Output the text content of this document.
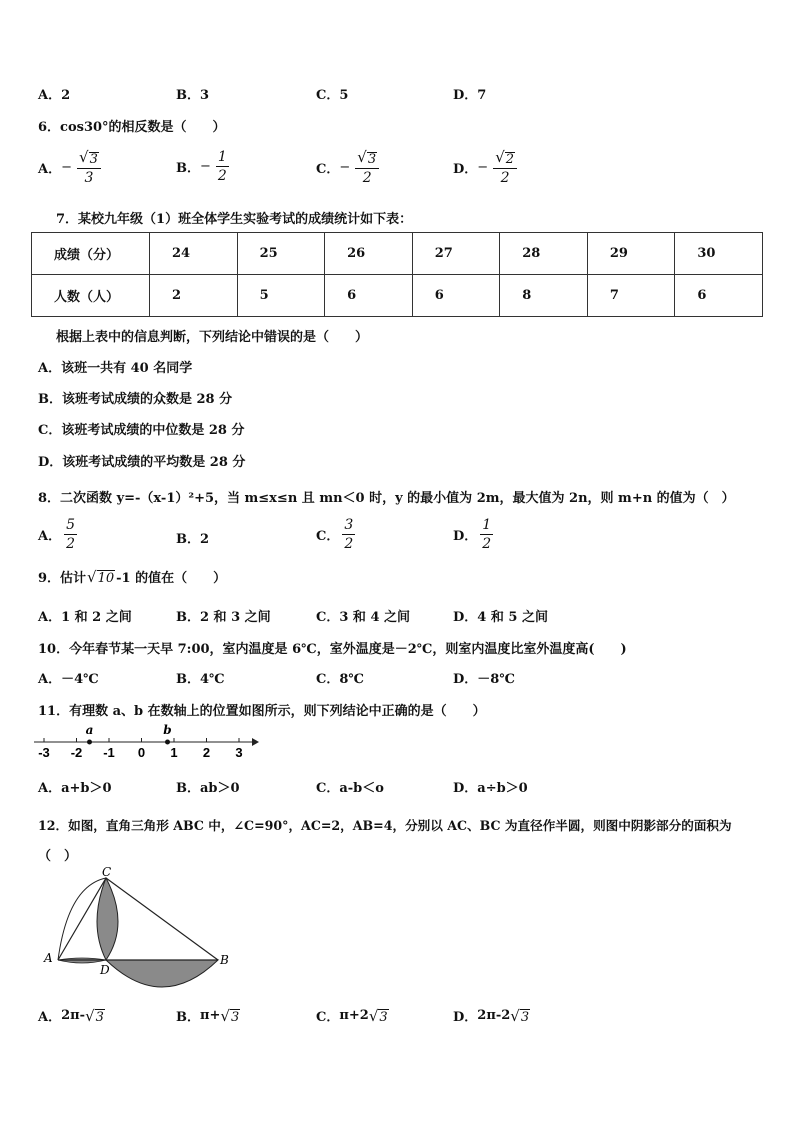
A．2	B．3	C．5	D．7
6．cos30°的相反数是（　　）
A． − $\frac{√ 3}{3}$	B． − $\frac{1}{2}$	C． − $\frac{√ 3}{2}$	D． − $\frac{√ 2}{2}$
7．某校九年级（1）班全体学生实验考试的成绩统计如下表：
成绩（分）	24	25	26	27	28	29	30
人数（人）	2	5	6	6	8	7	6
根据上表中的信息判断，下列结论中错误的是（　　）
A．该班一共有 40 名同学
B．该班考试成绩的众数是 28 分
C．该班考试成绩的中位数是 28 分
D．该班考试成绩的平均数是 28 分
8．二次函数 y=-（x-1）²+5，当 m≤x≤n 且 mn＜0 时，y 的最小值为 2m，最大值为 2n，则 m+n 的值为（　）
A． $\frac{5}{2}$	B．2	C． $\frac{3}{2}$	D． $\frac{1}{2}$
9．估计 √ 10 -1 的值在（　　）
A．1 和 2 之间	B．2 和 3 之间	C．3 和 4 之间	D．4 和 5 之间
10．今年春节某一天早 7:00，室内温度是 6℃，室外温度是－2℃，则室内温度比室外温度高(　　)
A．－4℃	B．4℃	C．8℃	D．－8℃
11．有理数 a、b 在数轴上的位置如图所示，则下列结论中正确的是（　　）
-3 -2 -1 0 1 2 3
a	b
A．a+b＞0	B．ab＞0	C．a-b＜o	D．a÷b＞0
12．如图，直角三角形 ABC 中，∠C=90°，AC=2，AB=4，分别以 AC、BC 为直径作半圆，则图中阴影部分的面积为
（　）
A	B
C
D
A． 2π- √ 3	B． π+ √ 3	C． π+2 √ 3	D． 2π-2 √ 3
